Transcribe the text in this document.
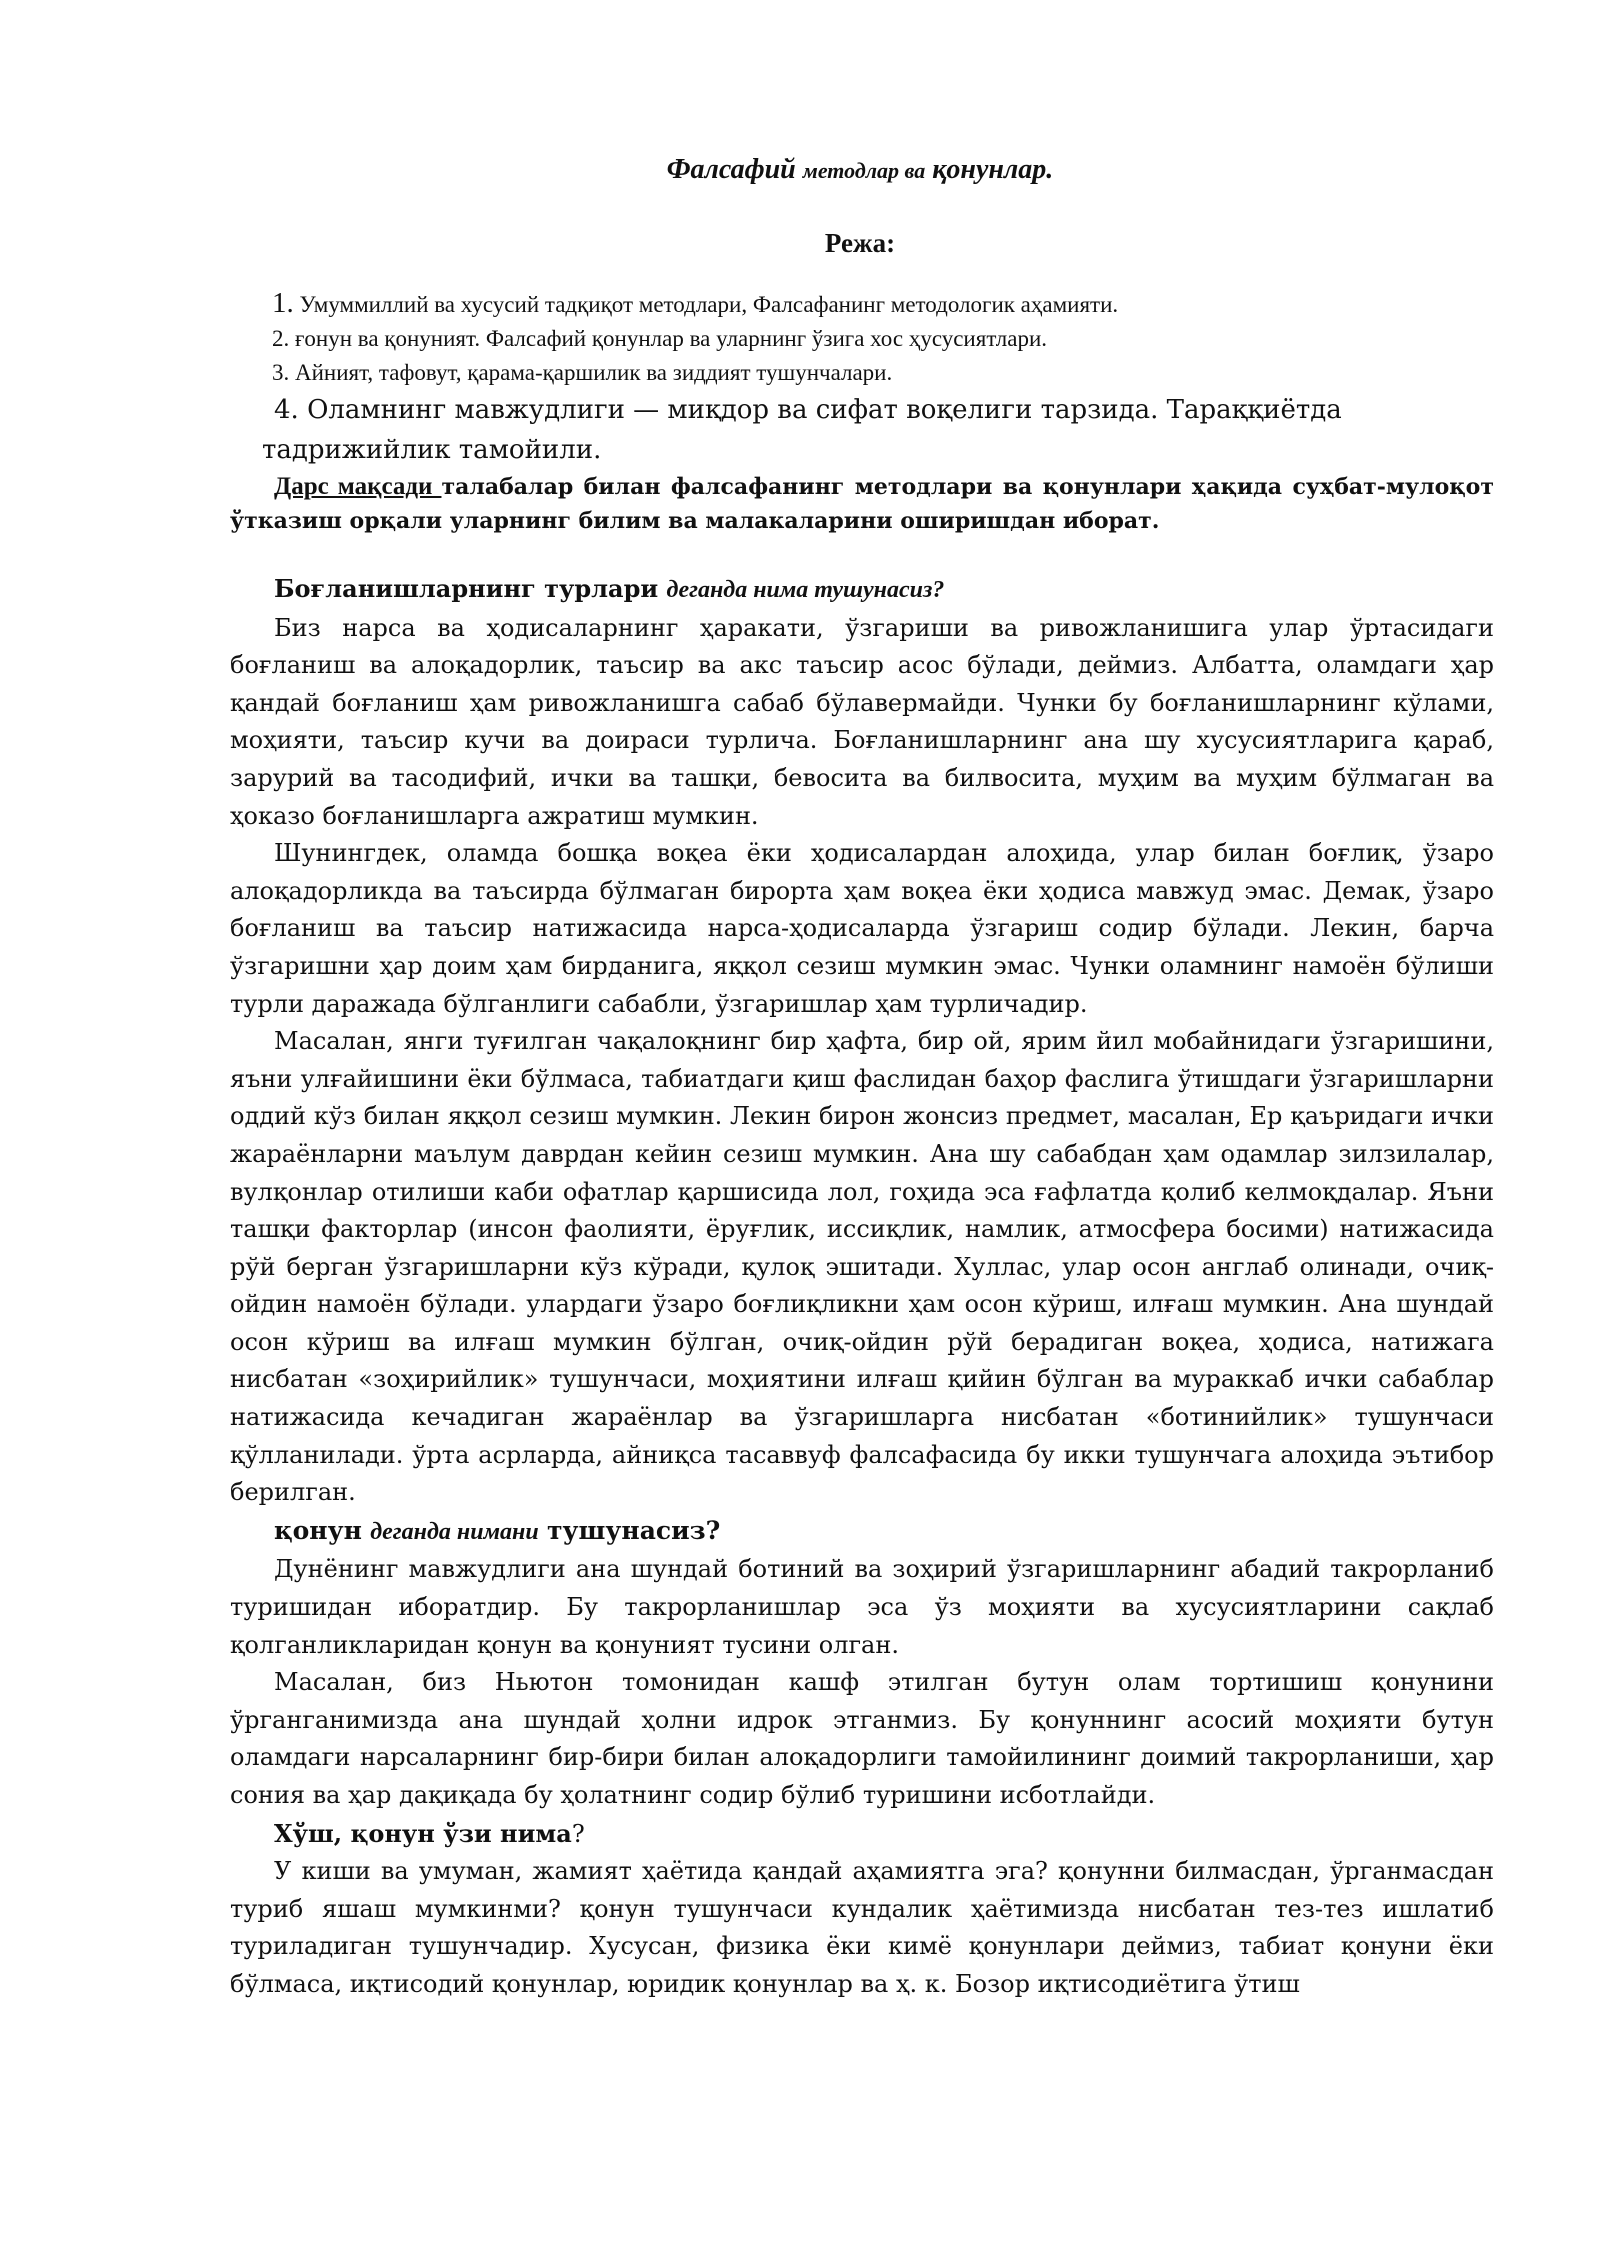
Фалсафий методлар ва қонунлар.
Режа:
1. Умуммиллий ва хусусий тадқиқот методлари, Фалсафанинг методологик аҳамияти.
2. ғонун ва қонуният. Фалсафий қонунлар ва уларнинг ўзига хос ҳусусиятлари.
3. Айният, тафовут, қарама-қаршилик ва зиддият тушунчалари.
4. Оламнинг мавжудлиги — миқдор ва сифат воқелиги тарзида. Тараққиётда
тадрижийлик тамойили.
Дарс мақсади талабалар билан фалсафанинг методлари ва қонунлари ҳақида суҳбат-мулоқот ўтказиш орқали уларнинг билим ва малакаларини оширишдан иборат.

Боғланишларнинг турлари деганда нима тушунасиз?

Биз нарса ва ҳодисаларнинг ҳаракати, ўзгариши ва ривожланишига улар ўртасидаги боғланиш ва алоқадорлик, таъсир ва акс таъсир асос бўлади, деймиз. Албатта, оламдаги ҳар қандай боғланиш ҳам ривожланишга сабаб бўлавермайди. Чунки бу боғланишларнинг кўлами, моҳияти, таъсир кучи ва доираси турлича. Боғланишларнинг ана шу хусусиятларига қараб, зарурий ва тасодифий, ички ва ташқи, бевосита ва билвосита, муҳим ва муҳим бўлмаган ва ҳоказо боғланишларга ажратиш мумкин.

Шунингдек, оламда бошқа воқеа ёки ҳодисалардан алоҳида, улар билан боғлиқ, ўзаро алоқадорликда ва таъсирда бўлмаган бирорта ҳам воқеа ёки ҳодиса мавжуд эмас. Демак, ўзаро боғланиш ва таъсир натижасида нарса-ҳодисаларда ўзгариш содир бўлади. Лекин, барча ўзгаришни ҳар доим ҳам бирданига, яққол сезиш мумкин эмас. Чунки оламнинг намоён бўлиши турли даражада бўлганлиги сабабли, ўзгаришлар ҳам турличадир.

Масалан, янги туғилган чақалоқнинг бир ҳафта, бир ой, ярим йил мобайнидаги ўзгаришини, яъни улғайишини ёки бўлмаса, табиатдаги қиш фаслидан баҳор фаслига ўтишдаги ўзгаришларни оддий кўз билан яққол сезиш мумкин. Лекин бирон жонсиз предмет, масалан, Ер қаъридаги ички жараёнларни маълум даврдан кейин сезиш мумкин. Ана шу сабабдан ҳам одамлар зилзилалар, вулқонлар отилиши каби офатлар қаршисида лол, гоҳида эса ғафлатда қолиб келмоқдалар. Яъни ташқи факторлар (инсон фаолияти, ёруғлик, иссиқлик, намлик, атмосфера босими) натижасида рўй берган ўзгаришларни кўз кўради, қулоқ эшитади. Хуллас, улар осон англаб олинади, очиқ-ойдин намоён бўлади. улардаги ўзаро боғлиқликни ҳам осон кўриш, илғаш мумкин. Ана шундай осон кўриш ва илғаш мумкин бўлган, очиқ-ойдин рўй берадиган воқеа, ҳодиса, натижага нисбатан «зоҳирийлик» тушунчаси, моҳиятини илғаш қийин бўлган ва мураккаб ички сабаблар натижасида кечадиган жараёнлар ва ўзгаришларга нисбатан «ботинийлик» тушунчаси қўлланилади. ўрта асрларда, айниқса тасаввуф фалсафасида бу икки тушунчага алоҳида эътибор берилган.

қонун деганда нимани тушунасиз?

Дунёнинг мавжудлиги ана шундай ботиний ва зоҳирий ўзгаришларнинг абадий такрорланиб туришидан иборатдир. Бу такрорланишлар эса ўз моҳияти ва хусусиятларини сақлаб қолганликларидан қонун ва қонуният тусини олган.

Масалан, биз Ньютон томонидан кашф этилган бутун олам тортишиш қонунини ўрганганимизда ана шундай ҳолни идрок этганмиз. Бу қонуннинг асосий моҳияти бутун оламдаги нарсаларнинг бир-бири билан алоқадорлиги тамойилининг доимий такрорланиши, ҳар сония ва ҳар дақиқада бу ҳолатнинг содир бўлиб туришини исботлайди.

Хўш, қонун ўзи нима?

У киши ва умуман, жамият ҳаётида қандай аҳамиятга эга? қонунни билмасдан, ўрганмасдан туриб яшаш мумкинми? қонун тушунчаси кундалик ҳаётимизда нисбатан тез-тез ишлатиб туриладиган тушунчадир. Хусусан, физика ёки кимё қонунлари деймиз, табиат қонуни ёки бўлмаса, иқтисодий қонунлар, юридик қонунлар ва ҳ. к. Бозор иқтисодиётига ўтиш
